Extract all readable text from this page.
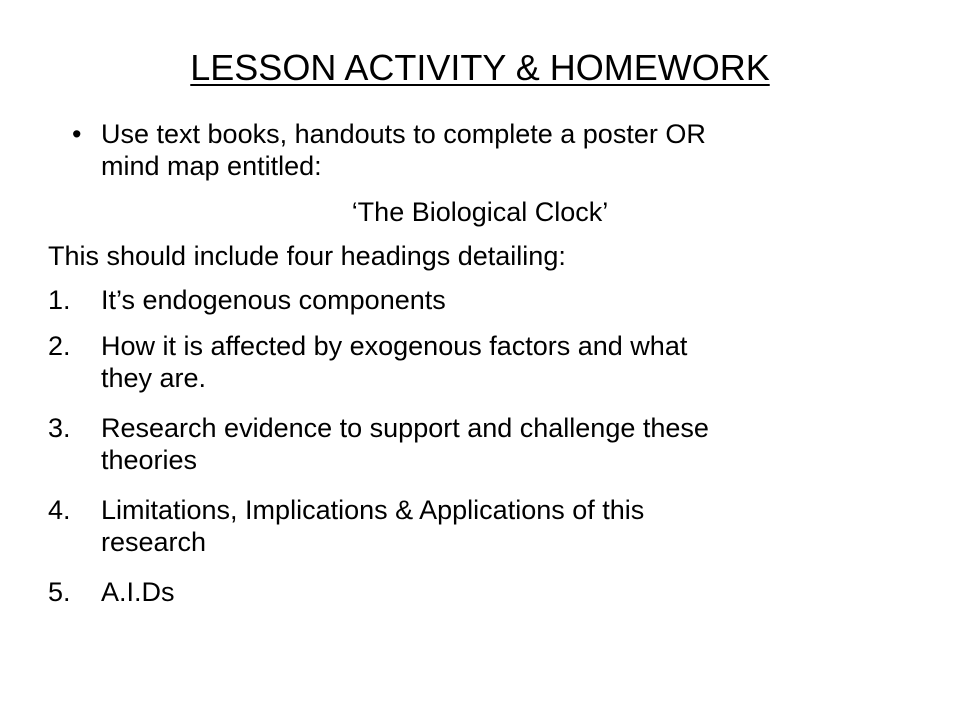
LESSON ACTIVITY & HOMEWORK
• Use text books, handouts to complete a poster OR
mind map entitled:
‘The Biological Clock’
This should include four headings detailing:
1. It’s endogenous components
2. How it is affected by exogenous factors and what
they are.
3. Research evidence to support and challenge these
theories
4. Limitations, Implications & Applications of this
research
5. A.I.Ds
